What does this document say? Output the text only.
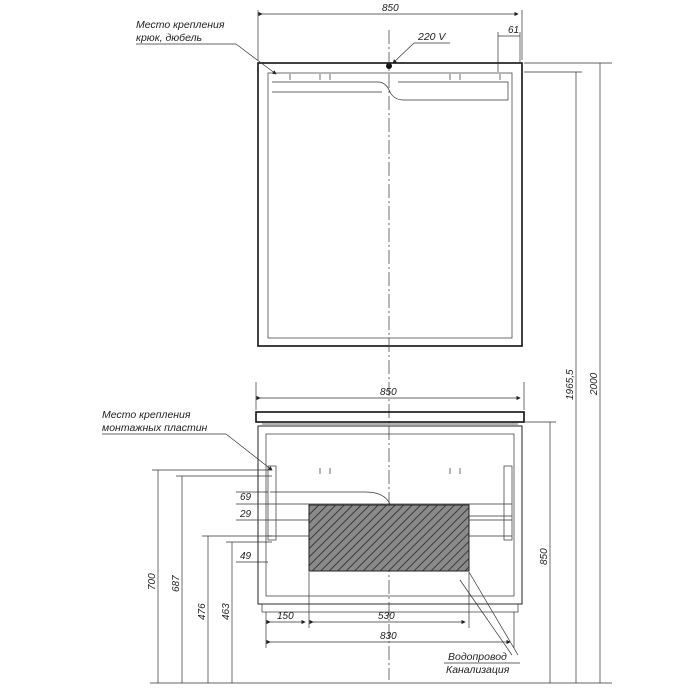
850
61
Место крепления
крюк, дюбель	220 V
2000
1965,5
850
850
Место крепления
монтажных пластин
700 687
476 463
69
29
49
150	530
830
Водопровод
Канализация
